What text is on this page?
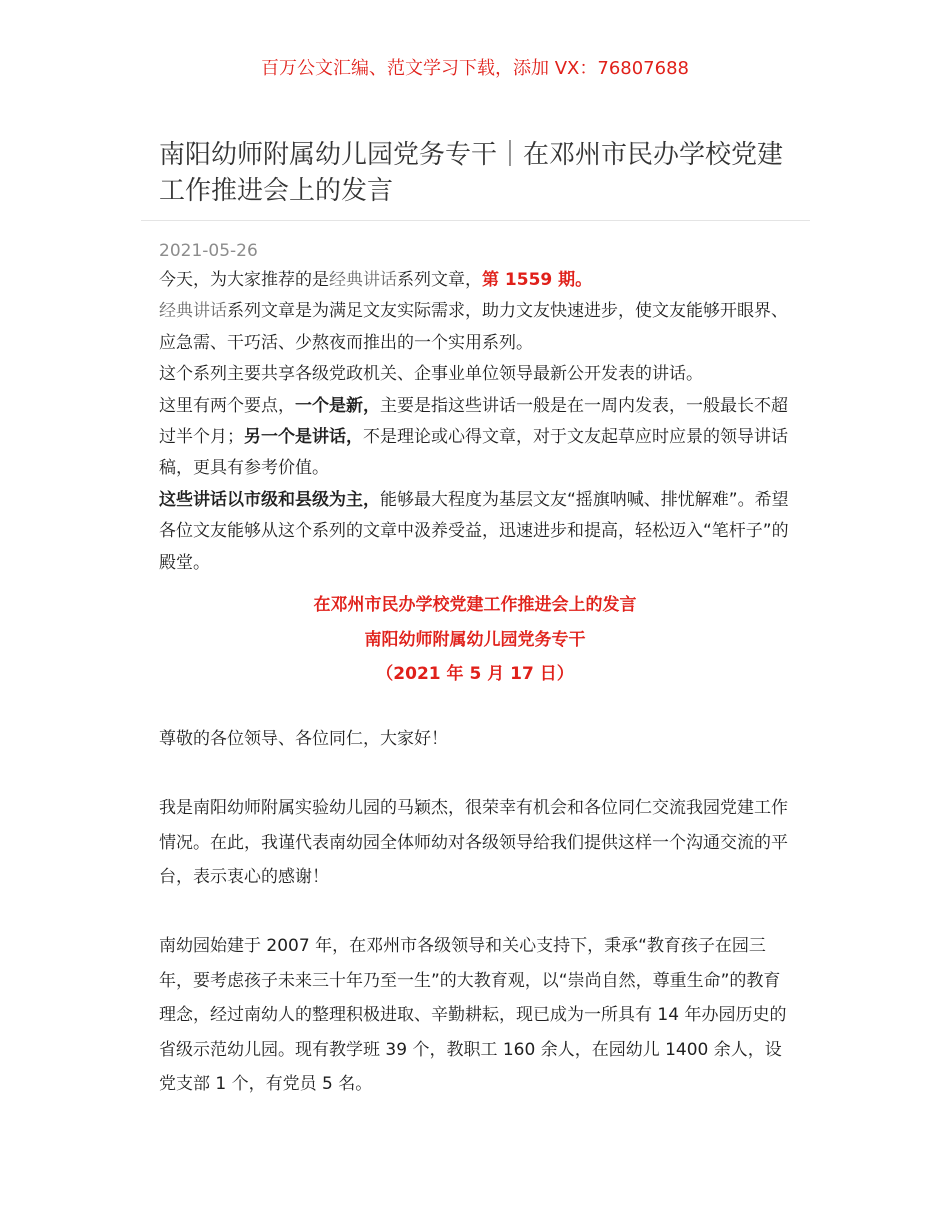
百万公文汇编、范文学习下载，添加 VX：76807688
南阳幼师附属幼儿园党务专干｜在邓州市民办学校党建工作推进会上的发言
2021-05-26

今天，为大家推荐的是经典讲话系列文章，第 1559 期。

经典讲话系列文章是为满足文友实际需求，助力文友快速进步，使文友能够开眼界、应急需、干巧活、少熬夜而推出的一个实用系列。

这个系列主要共享各级党政机关、企事业单位领导最新公开发表的讲话。

这里有两个要点，一个是新，主要是指这些讲话一般是在一周内发表，一般最长不超过半个月；另一个是讲话，不是理论或心得文章，对于文友起草应时应景的领导讲话稿，更具有参考价值。

这些讲话以市级和县级为主，能够最大程度为基层文友“摇旗呐喊、排忧解难”。希望各位文友能够从这个系列的文章中汲养受益，迅速进步和提高，轻松迈入“笔杆子”的殿堂。

在邓州市民办学校党建工作推进会上的发言
南阳幼师附属幼儿园党务专干
（2021 年 5 月 17 日）

尊敬的各位领导、各位同仁，大家好！

我是南阳幼师附属实验幼儿园的马颖杰，很荣幸有机会和各位同仁交流我园党建工作情况。在此，我谨代表南幼园全体师幼对各级领导给我们提供这样一个沟通交流的平台，表示衷心的感谢！

南幼园始建于 2007 年，在邓州市各级领导和关心支持下，秉承“教育孩子在园三年，要考虑孩子未来三十年乃至一生”的大教育观，以“崇尚自然，尊重生命”的教育理念，经过南幼人的整理积极进取、辛勤耕耘，现已成为一所具有 14 年办园历史的省级示范幼儿园。现有教学班 39 个，教职工 160 余人，在园幼儿 1400 余人，设党支部 1 个，有党员 5 名。
